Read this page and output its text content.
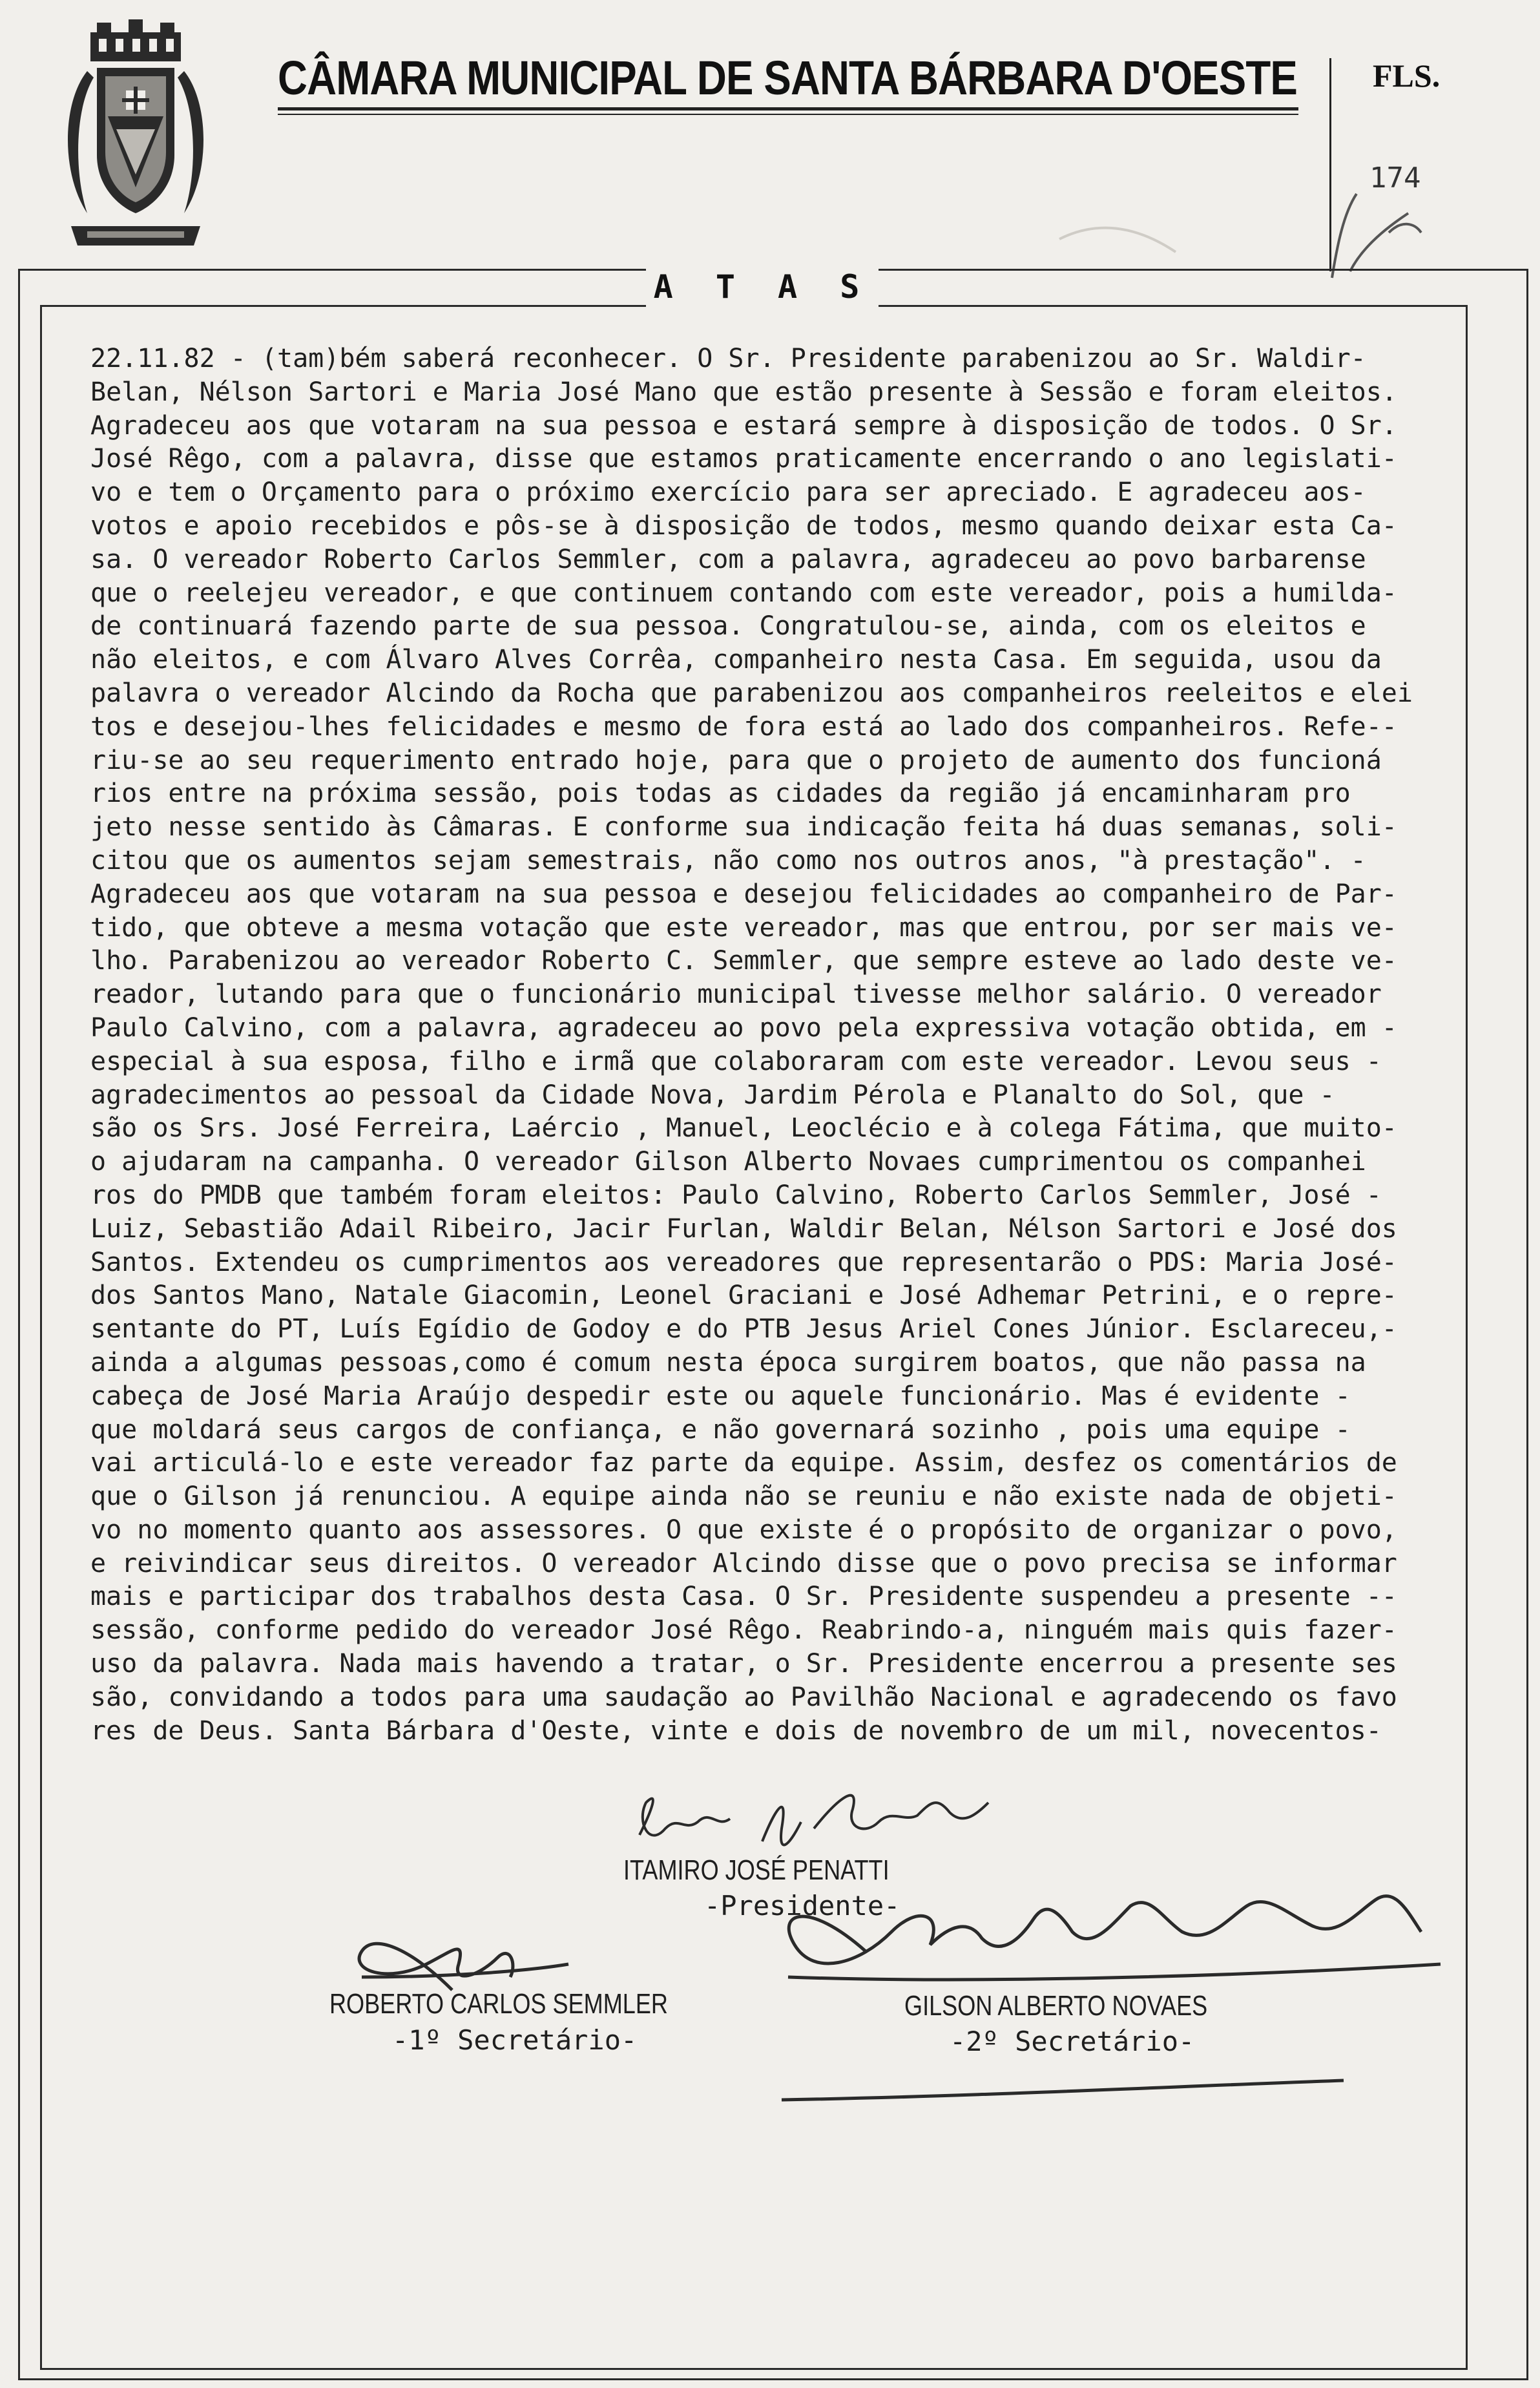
CÂMARA MUNICIPAL DE SANTA BÁRBARA D'OESTE FLS.
174
A T A S
22.11.82 - (tam)bém saberá reconhecer. O Sr. Presidente parabenizou ao Sr. Waldir-
Belan, Nélson Sartori e Maria José Mano que estão presente à Sessão e foram eleitos.
Agradeceu aos que votaram na sua pessoa e estará sempre à disposição de todos. O Sr.
José Rêgo, com a palavra, disse que estamos praticamente encerrando o ano legislati-
vo e tem o Orçamento para o próximo exercício para ser apreciado. E agradeceu aos-
votos e apoio recebidos e pôs-se à disposição de todos, mesmo quando deixar esta Ca-
sa. O vereador Roberto Carlos Semmler, com a palavra, agradeceu ao povo barbarense
que o reelejeu vereador, e que continuem contando com este vereador, pois a humilda-
de continuará fazendo parte de sua pessoa. Congratulou-se, ainda, com os eleitos e
não eleitos, e com Álvaro Alves Corrêa, companheiro nesta Casa. Em seguida, usou da
palavra o vereador Alcindo da Rocha que parabenizou aos companheiros reeleitos e elei
tos e desejou-lhes felicidades e mesmo de fora está ao lado dos companheiros. Refe--
riu-se ao seu requerimento entrado hoje, para que o projeto de aumento dos funcioná
rios entre na próxima sessão, pois todas as cidades da região já encaminharam pro
jeto nesse sentido às Câmaras. E conforme sua indicação feita há duas semanas, soli-
citou que os aumentos sejam semestrais, não como nos outros anos, "à prestação". -
Agradeceu aos que votaram na sua pessoa e desejou felicidades ao companheiro de Par-
tido, que obteve a mesma votação que este vereador, mas que entrou, por ser mais ve-
lho. Parabenizou ao vereador Roberto C. Semmler, que sempre esteve ao lado deste ve-
reador, lutando para que o funcionário municipal tivesse melhor salário. O vereador
Paulo Calvino, com a palavra, agradeceu ao povo pela expressiva votação obtida, em -
especial à sua esposa, filho e irmã que colaboraram com este vereador. Levou seus -
agradecimentos ao pessoal da Cidade Nova, Jardim Pérola e Planalto do Sol, que -
são os Srs. José Ferreira, Laércio , Manuel, Leoclécio e à colega Fátima, que muito-
o ajudaram na campanha. O vereador Gilson Alberto Novaes cumprimentou os companhei
ros do PMDB que também foram eleitos: Paulo Calvino, Roberto Carlos Semmler, José -
Luiz, Sebastião Adail Ribeiro, Jacir Furlan, Waldir Belan, Nélson Sartori e José dos
Santos. Extendeu os cumprimentos aos vereadores que representarão o PDS: Maria José-
dos Santos Mano, Natale Giacomin, Leonel Graciani e José Adhemar Petrini, e o repre-
sentante do PT, Luís Egídio de Godoy e do PTB Jesus Ariel Cones Júnior. Esclareceu,-
ainda a algumas pessoas,como é comum nesta época surgirem boatos, que não passa na
cabeça de José Maria Araújo despedir este ou aquele funcionário. Mas é evidente -
que moldará seus cargos de confiança, e não governará sozinho , pois uma equipe -
vai articulá-lo e este vereador faz parte da equipe. Assim, desfez os comentários de
que o Gilson já renunciou. A equipe ainda não se reuniu e não existe nada de objeti-
vo no momento quanto aos assessores. O que existe é o propósito de organizar o povo,
e reivindicar seus direitos. O vereador Alcindo disse que o povo precisa se informar
mais e participar dos trabalhos desta Casa. O Sr. Presidente suspendeu a presente --
sessão, conforme pedido do vereador José Rêgo. Reabrindo-a, ninguém mais quis fazer-
uso da palavra. Nada mais havendo a tratar, o Sr. Presidente encerrou a presente ses
são, convidando a todos para uma saudação ao Pavilhão Nacional e agradecendo os favo
res de Deus. Santa Bárbara d'Oeste, vinte e dois de novembro de um mil, novecentos-
ITAMIRO JOSÉ PENATTI
-Presidente-
ROBERTO CARLOS SEMMLER
-1º Secretário-
GILSON ALBERTO NOVAES
-2º Secretário-
